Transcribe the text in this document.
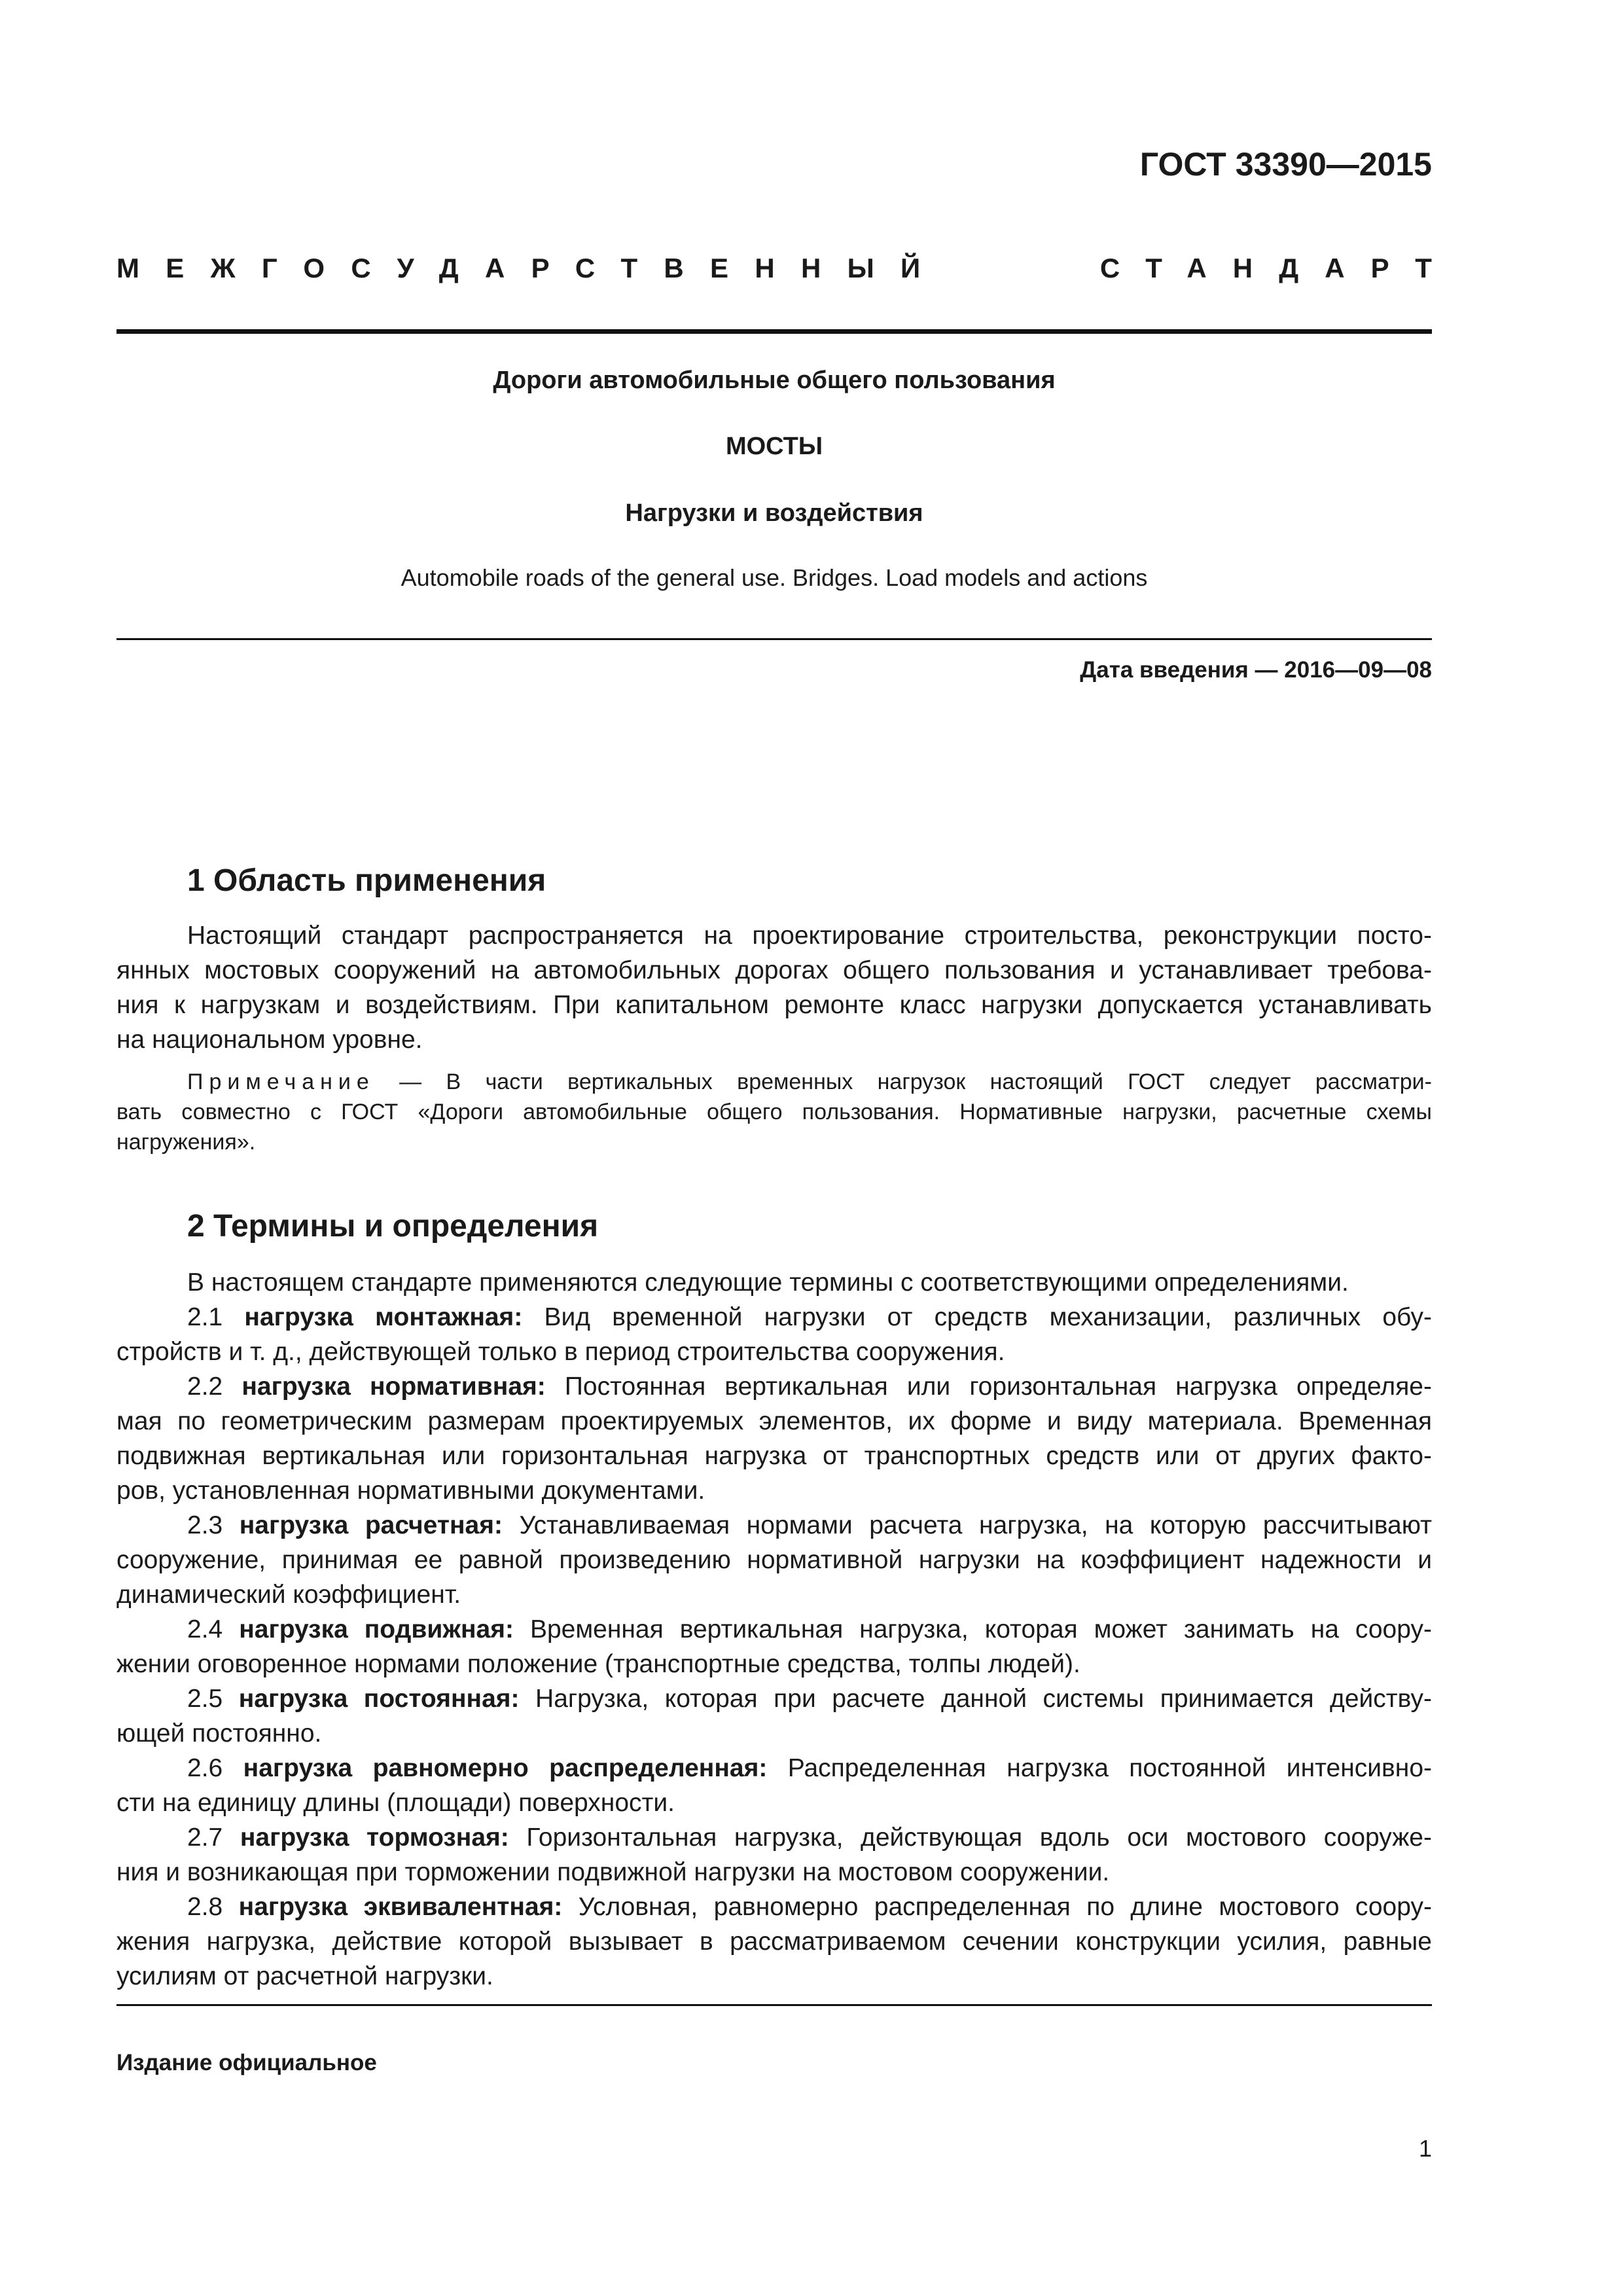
ГОСТ 33390—2015
МЕЖГОСУДАРСТВЕННЫЙ	СТАНДАРТ
Дороги автомобильные общего пользования
МОСТЫ
Нагрузки и воздействия
Automobile roads of the general use. Bridges. Load models and actions
Дата введения — 2016—09—08
1 Область применения

Настоящий стандарт распространяется на проектирование строительства, реконструкции посто-

янных мостовых сооружений на автомобильных дорогах общего пользования и устанавливает требова-

ния к нагрузкам и воздействиям. При капитальном ремонте класс нагрузки допускается устанавливать

на национальном уровне.

Примечание — В части вертикальных временных нагрузок настоящий ГОСТ следует рассматри-

вать совместно с ГОСТ «Дороги автомобильные общего пользования. Нормативные нагрузки, расчетные схемы

нагружения».

2 Термины и определения

В настоящем стандарте применяются следующие термины с соответствующими определениями.

2.1 нагрузка монтажная: Вид временной нагрузки от средств механизации, различных обу-

стройств и т. д., действующей только в период строительства сооружения.

2.2 нагрузка нормативная: Постоянная вертикальная или горизонтальная нагрузка определяе-

мая по геометрическим размерам проектируемых элементов, их форме и виду материала. Временная

подвижная вертикальная или горизонтальная нагрузка от транспортных средств или от других факто-

ров, установленная нормативными документами.

2.3 нагрузка расчетная: Устанавливаемая нормами расчета нагрузка, на которую рассчитывают

сооружение, принимая ее равной произведению нормативной нагрузки на коэффициент надежности и

динамический коэффициент.

2.4 нагрузка подвижная: Временная вертикальная нагрузка, которая может занимать на соору-

жении оговоренное нормами положение (транспортные средства, толпы людей).

2.5 нагрузка постоянная: Нагрузка, которая при расчете данной системы принимается действу-

ющей постоянно.

2.6 нагрузка равномерно распределенная: Распределенная нагрузка постоянной интенсивно-

сти на единицу длины (площади) поверхности.

2.7 нагрузка тормозная: Горизонтальная нагрузка, действующая вдоль оси мостового сооруже-

ния и возникающая при торможении подвижной нагрузки на мостовом сооружении.

2.8 нагрузка эквивалентная: Условная, равномерно распределенная по длине мостового соору-

жения нагрузка, действие которой вызывает в рассматриваемом сечении конструкции усилия, равные

усилиям от расчетной нагрузки.

Издание официальное
1
